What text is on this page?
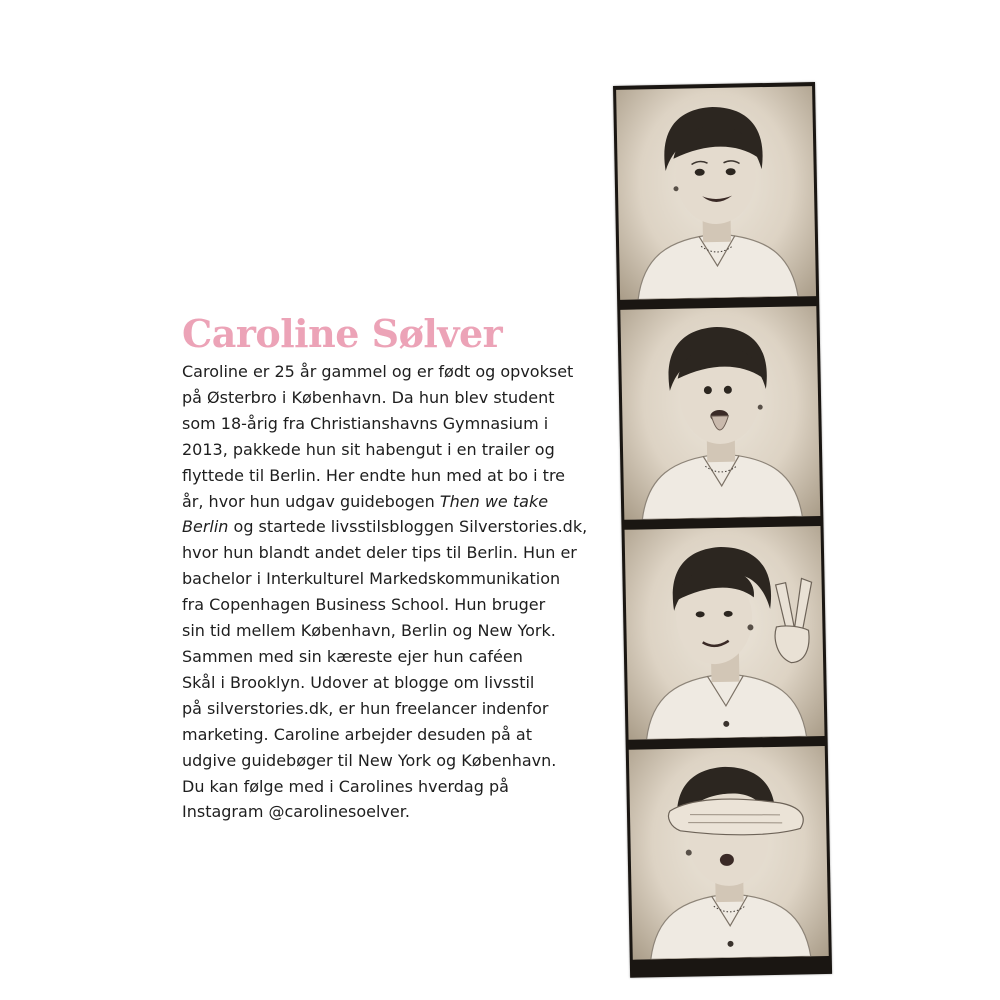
Caroline Sølver

Caroline er 25 år gammel og er født og opvokset
på Østerbro i København. Da hun blev student
som 18-årig fra Christianshavns Gymnasium i
2013, pakkede hun sit habengut i en trailer og
flyttede til Berlin. Her endte hun med at bo i tre
år, hvor hun udgav guidebogen Then we take
Berlin og startede livsstilsbloggen Silverstories.dk,
hvor hun blandt andet deler tips til Berlin. Hun er
bachelor i Interkulturel Markedskommunikation
fra Copenhagen Business School. Hun bruger
sin tid mellem København, Berlin og New York.
Sammen med sin kæreste ejer hun caféen
Skål i Brooklyn. Udover at blogge om livsstil
på silverstories.dk, er hun freelancer indenfor
marketing. Caroline arbejder desuden på at
udgive guidebøger til New York og København.
Du kan følge med i Carolines hverdag på
Instagram @carolinesoelver.
